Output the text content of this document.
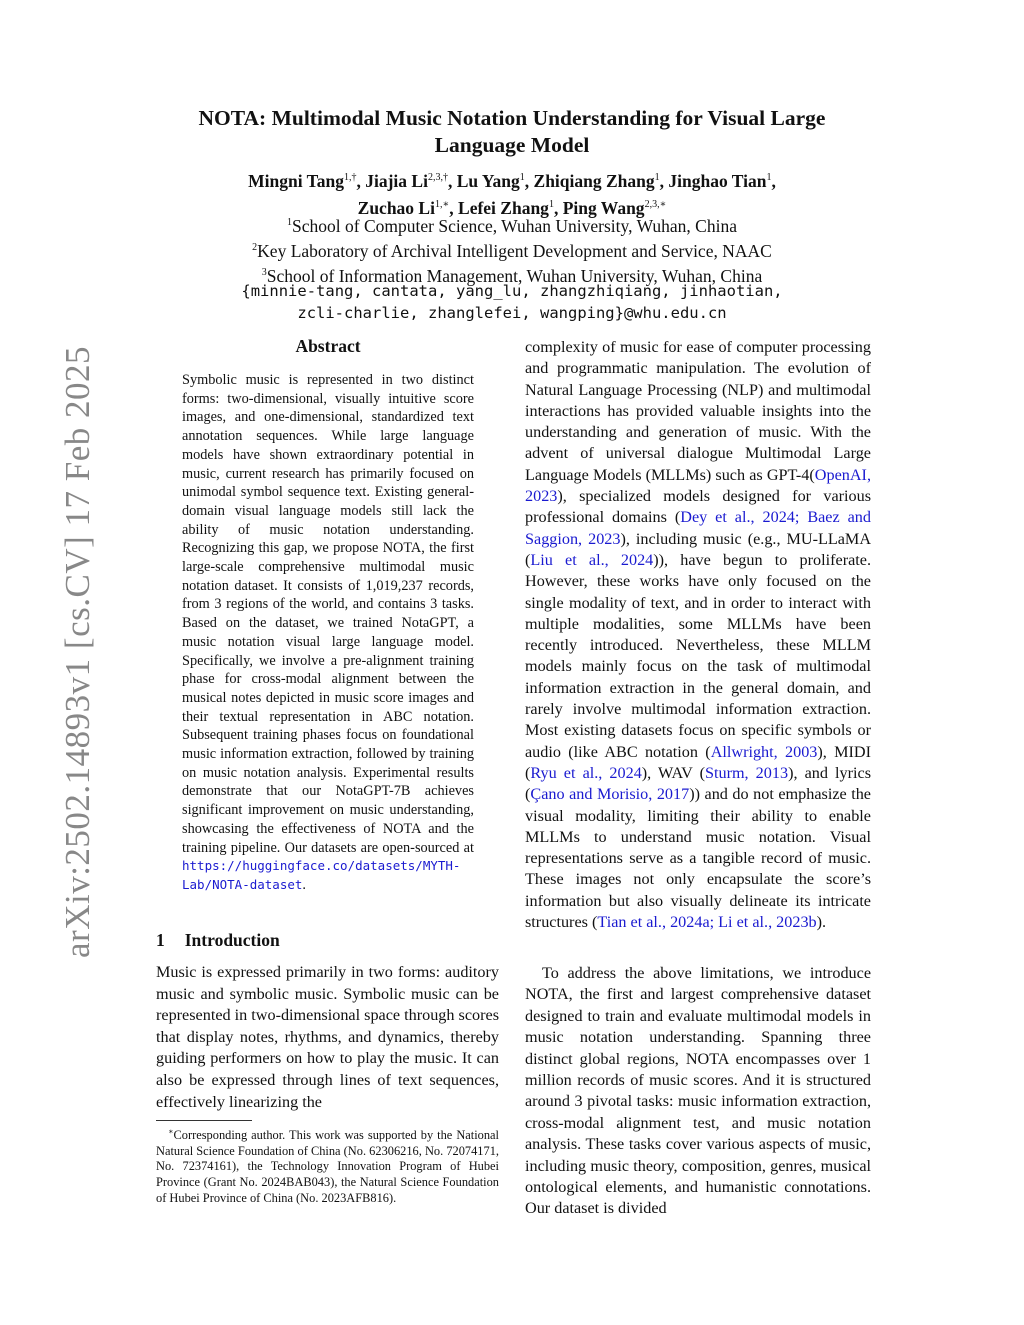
arXiv:2502.14893v1 [cs.CV] 17 Feb 2025
NOTA: Multimodal Music Notation Understanding for Visual Large
Language Model
Mingni Tang$^{1,\dagger}$, Jiajia $Li^{2,3,\dagger}$, Lu Yang$^1$, Zhiqiang Zhang$^1$, Jinghao Tian$^1$,
Zuchao $Li^{1,∗}$, Lefei Zhang$^1$, Ping Wang$^{2,3,∗}$
$^1$School of Computer Science, Wuhan University, Wuhan, China
$^2$Key Laboratory of Archival Intelligent Development and Service, NAAC
$^3$School of Information Management, Wuhan University, Wuhan, China
{minnie-tang, cantata, yang_lu, zhangzhiqiang, jinhaotian,
zcli-charlie, zhanglefei, wangping}@whu.edu.cn
Abstract
Symbolic music is represented in two distinct forms: two-dimensional, visually intuitive score images, and one-dimensional, standardized text annotation sequences. While large language models have shown extraordinary potential in music, current research has primarily focused on unimodal symbol sequence text. Existing general-domain visual language models still lack the ability of music notation understanding. Recognizing this gap, we propose NOTA, the first large-scale comprehensive multimodal music notation dataset. It consists of 1,019,237 records, from 3 regions of the world, and contains 3 tasks. Based on the dataset, we trained NotaGPT, a music notation visual large language model. Specifically, we involve a pre-alignment training phase for cross-modal alignment between the musical notes depicted in music score images and their textual representation in ABC notation. Subsequent training phases focus on foundational music information extraction, followed by training on music notation analysis. Experimental results demonstrate that our NotaGPT-7B achieves significant improvement on music understanding, showcasing the effectiveness of NOTA and the training pipeline. Our datasets are open-sourced at https://huggingface.co/datasets/MYTH-Lab/NOTA-dataset.
1 Introduction
Music is expressed primarily in two forms: auditory music and symbolic music. Symbolic music can be represented in two-dimensional space through scores that display notes, rhythms, and dynamics, thereby guiding performers on how to play the music. It can also be expressed through lines of text sequences, effectively linearizing the
∗Corresponding author. This work was supported by the National Natural Science Foundation of China (No. 62306216, No. 72074171, No. 72374161), the Technology Innovation Program of Hubei Province (Grant No. 2024BAB043), the Natural Science Foundation of Hubei Province of China (No. 2023AFB816).
complexity of music for ease of computer processing and programmatic manipulation. The evolution of Natural Language Processing (NLP) and multimodal interactions has provided valuable insights into the understanding and generation of music. With the advent of universal dialogue Multimodal Large Language Models (MLLMs) such as GPT-4(OpenAI, 2023), specialized models designed for various professional domains (Dey et al., 2024; Baez and Saggion, 2023), including music (e.g., MU-LLaMA (Liu et al., 2024)), have begun to proliferate. However, these works have only focused on the single modality of text, and in order to interact with multiple modalities, some MLLMs have been recently introduced. Nevertheless, these MLLM models mainly focus on the task of multimodal information extraction in the general domain, and rarely involve multimodal information extraction. Most existing datasets focus on specific symbols or audio (like ABC notation (Allwright, 2003), MIDI (Ryu et al., 2024), WAV (Sturm, 2013), and lyrics (Çano and Morisio, 2017)) and do not emphasize the visual modality, limiting their ability to enable MLLMs to understand music notation. Visual representations serve as a tangible record of music. These images not only encapsulate the score’s information but also visually delineate its intricate structures (Tian et al., 2024a; Li et al., 2023b).

To address the above limitations, we introduce NOTA, the first and largest comprehensive dataset designed to train and evaluate multimodal models in music notation understanding. Spanning three distinct global regions, NOTA encompasses over 1 million records of music scores. And it is structured around 3 pivotal tasks: music information extraction, cross-modal alignment test, and music notation analysis. These tasks cover various aspects of music, including music theory, composition, genres, musical ontological elements, and humanistic connotations. Our dataset is divided
